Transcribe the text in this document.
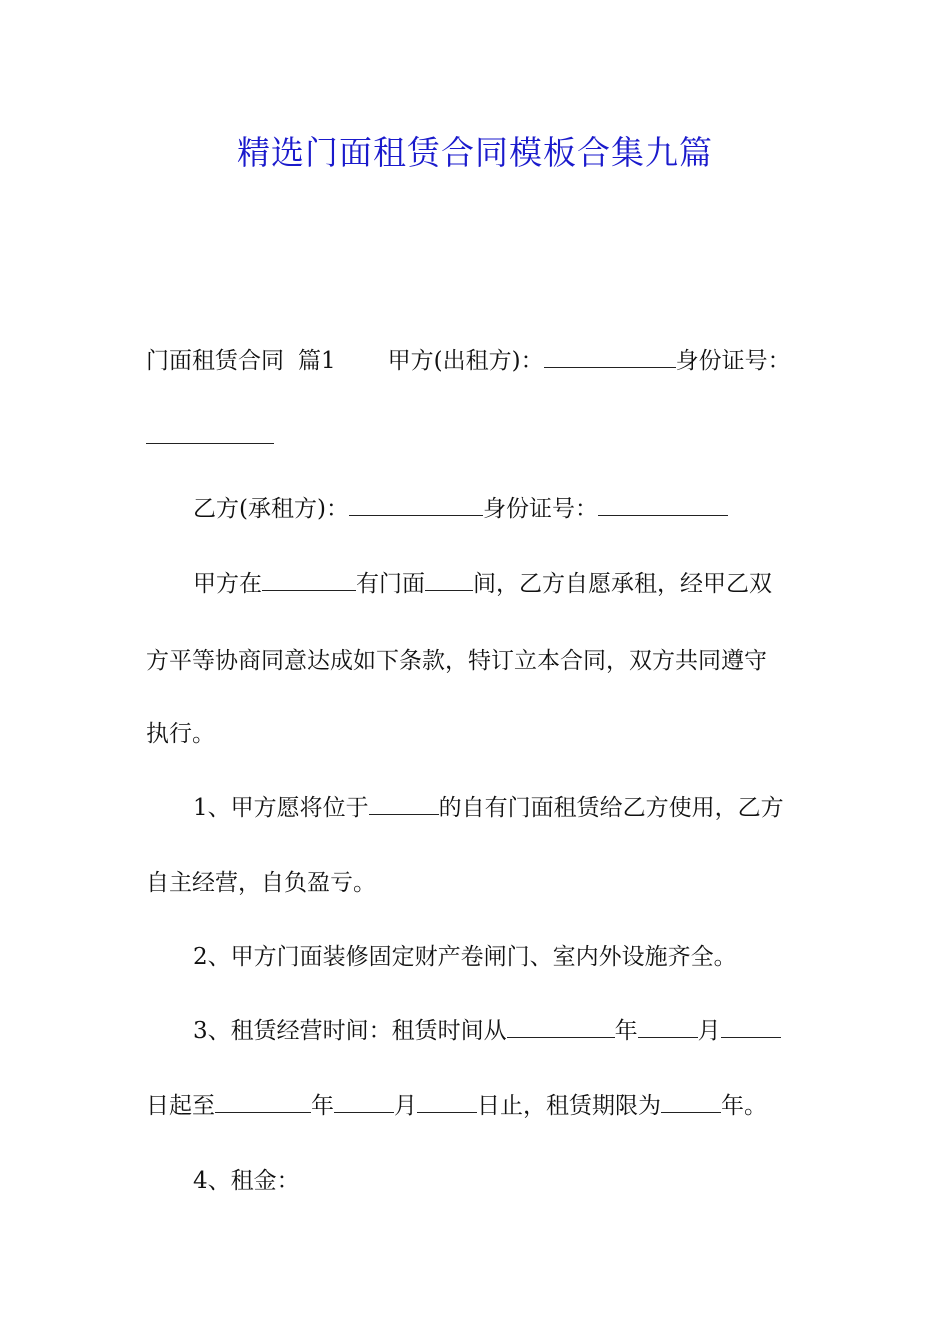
精选门面租赁合同模板合集九篇
门面租赁合同 篇1 甲方(出租方)：	身份证号：
乙方(承租方)：	身份证号：
甲方在	有门面 间，乙方自愿承租，经甲乙双
方平等协商同意达成如下条款，特订立本合同，双方共同遵守
执行。
1、甲方愿将位于	的自有门面租赁给乙方使用，乙方
自主经营，自负盈亏。
2、甲方门面装修固定财产卷闸门、室内外设施齐全。
3、租赁经营时间：租赁时间从	年	月
日起至	年	月	日止，租赁期限为	年。
4、租金：
